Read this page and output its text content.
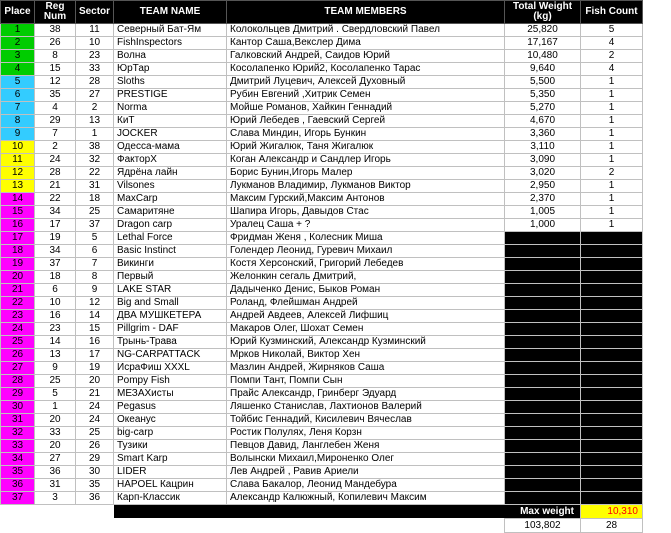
Place	Reg Num	Sector	TEAM NAME	TEAM MEMBERS	Total Weight (kg)	Fish Count
1	38	11	Северный Бат-Ям	Колокольцев Дмитрий . Свердловский Павел	25,820	5
2	26	10	FishInspectors	Кантор Саша,Векслер Дима	17,167	4
3	8	23	Волна	Галковский Андрей, Саидов Юрий	10,480	2
4	15	33	ЮрТар	Косолапенко Юрий2, Косолапенко Тарас	9,640	4
5	12	28	Sloths	Дмитрий Луцевич, Алексей Духовный	5,500	1
6	35	27	PRESTIGE	Рубин Евгений ,Хитрик Семен	5,350	1
7	4	2	Norma	Мойше Романов, Хайкин Геннадий	5,270	1
8	29	13	КиТ	Юрий Лебедев , Гаевский Сергей	4,670	1
9	7	1	JOCKER	Слава Миндин, Игорь Бункин	3,360	1
10	2	38	Одесса-мама	Юрий Жигалюк, Таня Жигалюк	3,110	1
11	24	32	ФакторХ	Коган Александр и Сандлер Игорь	3,090	1
12	28	22	Ядрёна лайн	Борис Бунин,Игорь Малер	3,020	2
13	21	31	Vilsones	Лукманов Владимир, Лукманов Виктор	2,950	1
14	22	18	MaxCarp	Максим Гурский,Максим Антонов	2,370	1
15	34	25	Самаритяне	Шапира Игорь, Давыдов Стас	1,005	1
16	17	37	Dragon carp	Уралец Саша + ?	1,000	1
17	19	5	Lethal Force	Фридман Женя , Колесник Миша	0	0
18	34	6	Basic Instinct	Голендер Леонид, Гуревич Михаил	0	0
19	37	7	Викинги	Костя Херсонский, Григорий Лебедев	0	0
20	18	8	Первый	Желонкин сегаль Дмитрий,	0	0
21	6	9	LAKE STAR	Дадыченко Денис, Быков Роман	0	0
22	10	12	Big and Small	Роланд, Флейшман Андрей	0	0
23	16	14	ДВА МУШКЕТЕРА	Андрей Авдеев, Алексей Лифшиц	0	0
24	23	15	Pillgrim - DAF	Макаров Олег, Шохат Семен	0	0
25	14	16	Трынь-Трава	Юрий Кузминский, Александр Кузминский	0	0
26	13	17	NG-CARPATTACK	Мрков Николай, Виктор Хен	0	0
27	9	19	ИсраФиш XXXL	Мазлин Андрей, Жирняков Саша	0	0
28	25	20	Pompy Fish	Помпи Тант, Помпи Сын	0	0
29	5	21	МЕЗАХисты	Прайс Александр, Гринберг Эдуард	0	0
30	1	24	Pegasus	Ляшенко Станислав, Лахтионов Валерий	0	0
31	20	24	Океанус	Тойбис Геннадий, Кисилевич Вячеслав	0	0
32	33	25	big-carp	Ростик Полулях, Леня Корзн	0	0
33	20	26	Тузики	Певцов Давид, Ланглебен Женя	0	0
34	27	29	Smart Karp	Волынски Михаил,Мироненко Олег	0	0
35	36	30	LIDER	Лев Андрей , Равив Ариели	0	0
36	31	35	HAPOEL Кацрин	Слава Бакалор, Леонид Мандебура	0	0
37	3	36	Карп-Классик	Александр Калюжный, Копилевич Максим	0	0
			Max weight			10,310
					103,802	28
